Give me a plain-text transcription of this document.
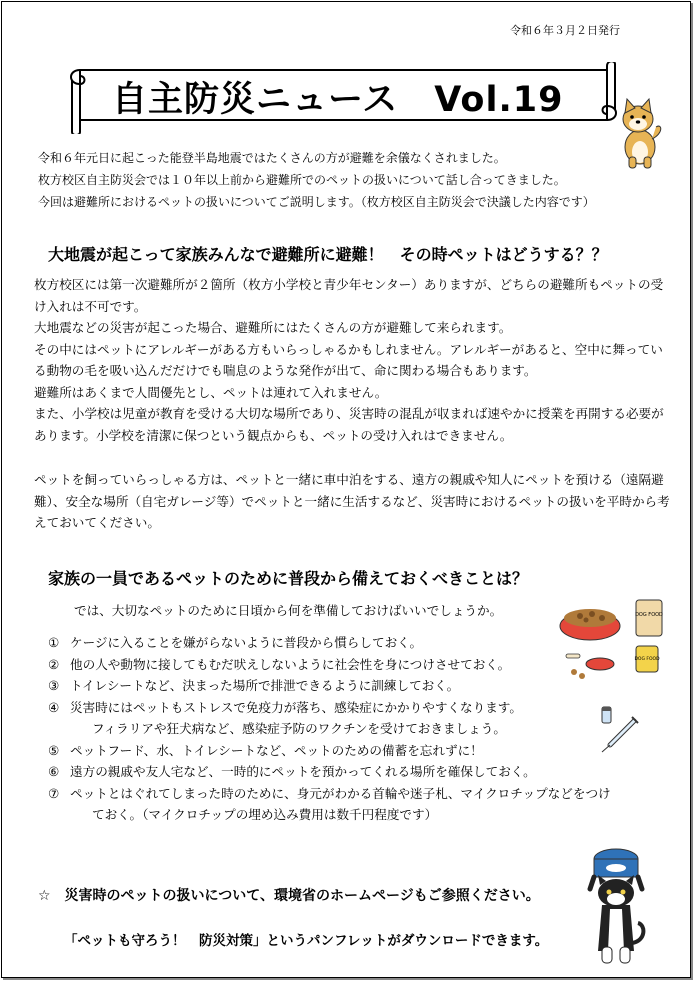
令和６年３月２日発行
自主防災ニュース　Vol.19
令和６年元日に起こった能登半島地震ではたくさんの方が避難を余儀なくされました。
枚方校区自主防災会では１０年以上前から避難所でのペットの扱いについて話し合ってきました。
今回は避難所におけるペットの扱いについてご説明します。（枚方校区自主防災会で決議した内容です）
大地震が起こって家族みんなで避難所に避難！　その時ペットはどうする？？

枚方校区には第一次避難所が２箇所（枚方小学校と青少年センター）ありますが、どちらの避難所もペットの受け入れは不可です。

大地震などの災害が起こった場合、避難所にはたくさんの方が避難して来られます。

その中にはペットにアレルギーがある方もいらっしゃるかもしれません。アレルギーがあると、空中に舞っている動物の毛を吸い込んだだけでも喘息のような発作が出て、命に関わる場合もあります。

避難所はあくまで人間優先とし、ペットは連れて入れません。

また、小学校は児童が教育を受ける大切な場所であり、災害時の混乱が収まれば速やかに授業を再開する必要があります。小学校を清潔に保つという観点からも、ペットの受け入れはできません。

ペットを飼っていらっしゃる方は、ペットと一緒に車中泊をする、遠方の親戚や知人にペットを預ける（遠隔避難）、安全な場所（自宅ガレージ等）でペットと一緒に生活するなど、災害時におけるペットの扱いを平時から考えておいてください。
家族の一員であるペットのために普段から備えておくべきことは？
では、大切なペットのために日頃から何を準備しておけばいいでしょうか。	DOG FOOD
DOG FOOD
① ケージに入ることを嫌がらないように普段から慣らしておく。
② 他の人や動物に接してもむだ吠えしないように社会性を身につけさせておく。
③ トイレシートなど、決まった場所で排泄できるように訓練しておく。
④ 災害時にはペットもストレスで免疫力が落ち、感染症にかかりやすくなります。
フィラリアや狂犬病など、感染症予防のワクチンを受けておきましょう。
⑤ ペットフード、水、トイレシートなど、ペットのための備蓄を忘れずに！
⑥ 遠方の親戚や友人宅など、一時的にペットを預かってくれる場所を確保しておく。
⑦ ペットとはぐれてしまった時のために、身元がわかる首輪や迷子札、マイクロチップなどをつけ
ておく。（マイクロチップの埋め込み費用は数千円程度です）
☆　災害時のペットの扱いについて、環境省のホームページもご参照ください。
「ペットも守ろう！　防災対策」というパンフレットがダウンロードできます。
